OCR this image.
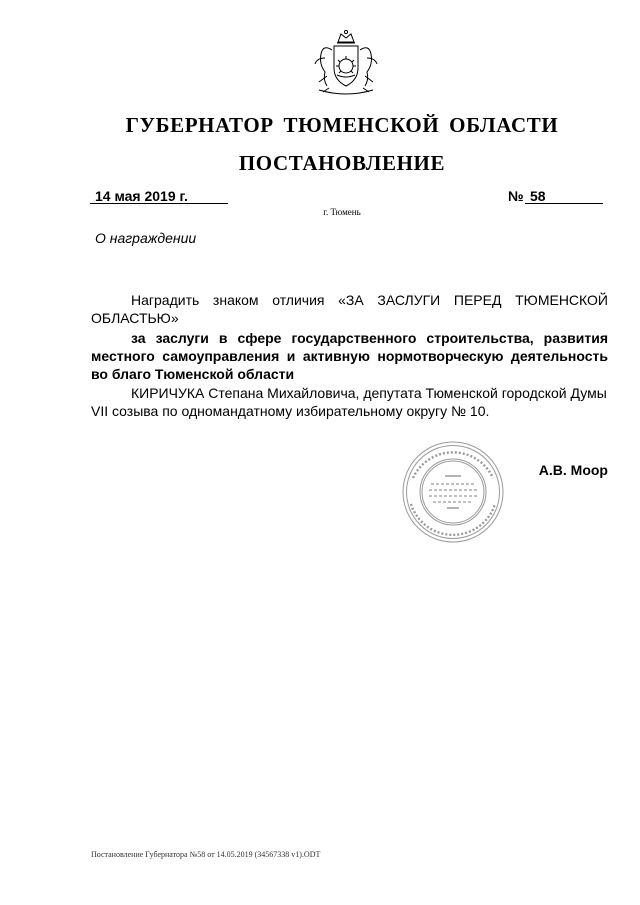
ГУБЕРНАТОР ТЮМЕНСКОЙ ОБЛАСТИ
ПОСТАНОВЛЕНИЕ
14 мая 2019 г.	№ 58
г. Тюмень
О награждении
Наградить знаком отличия «ЗА ЗАСЛУГИ ПЕРЕД ТЮМЕНСКОЙ ОБЛАСТЬЮ»
за заслуги в сфере государственного строительства, развития местного самоуправления и активную нормотворческую деятельность во благо Тюменской области
КИРИЧУКА Степана Михайловича, депутата Тюменской городской Думы VII созыва по одномандатному избирательному округу № 10.
А.В. Моор
Постановление Губернатора №58 от 14.05.2019 (34567338 v1).ODT
